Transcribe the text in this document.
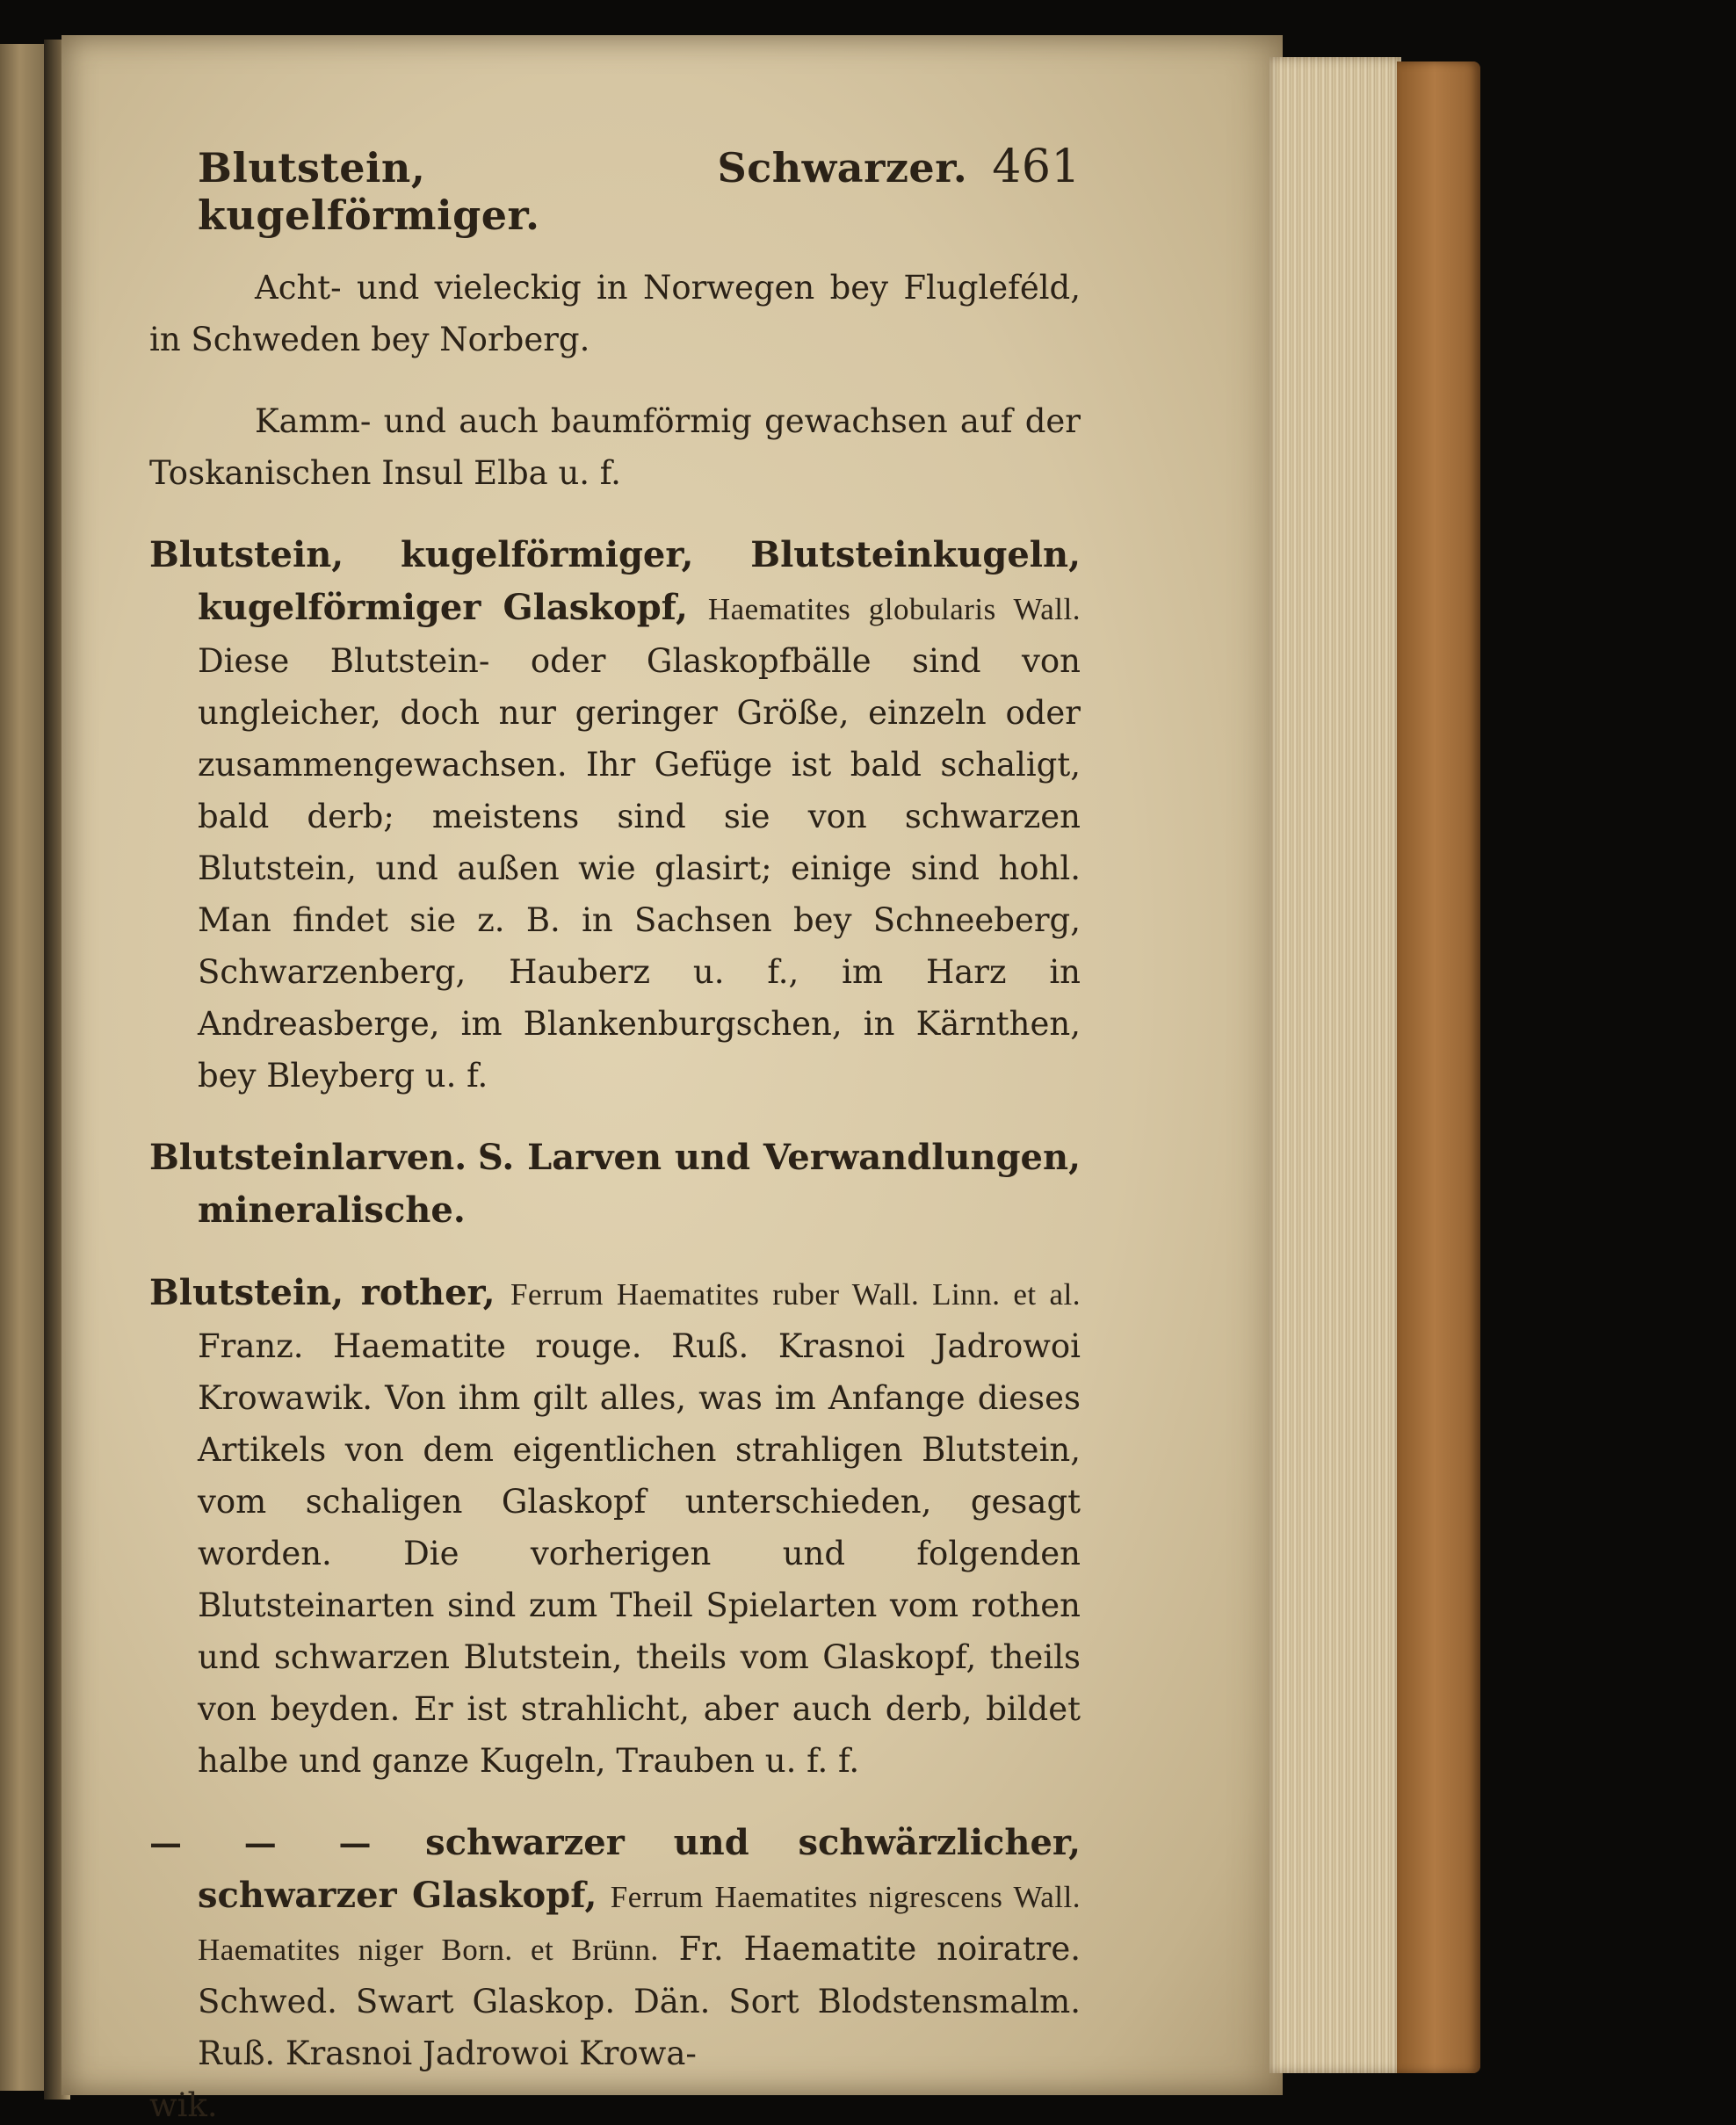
Blutstein, kugelförmiger.
Schwarzer. 461

Acht- und vieleckig in Norwegen bey Flugleféld, in Schweden bey Norberg.

Kamm- und auch baumförmig gewachsen auf der Toskanischen Insul Elba u. f.

Blutstein, kugelförmiger, Blutsteinkugeln, kugelförmiger Glaskopf, Haematites globularis Wall. Diese Blutstein- oder Glaskopfbälle sind von ungleicher, doch nur geringer Größe, einzeln oder zusammengewachsen. Ihr Gefüge ist bald schaligt, bald derb; meistens sind sie von schwarzen Blutstein, und außen wie glasirt; einige sind hohl. Man findet sie z. B. in Sachsen bey Schneeberg, Schwarzenberg, Hauberz u. f., im Harz in Andreasberge, im Blankenburgschen, in Kärnthen, bey Bleyberg u. f.

Blutsteinlarven. S. Larven und Verwandlungen, mineralische.

Blutstein, rother, Ferrum Haematites ruber Wall. Linn. et al. Franz. Haematite rouge. Ruß. Krasnoi Jadrowoi Krowawik. Von ihm gilt alles, was im Anfange dieses Artikels von dem eigentlichen strahligen Blutstein, vom schaligen Glaskopf unterschieden, gesagt worden. Die vorherigen und folgenden Blutsteinarten sind zum Theil Spielarten vom rothen und schwarzen Blutstein, theils vom Glaskopf, theils von beyden. Er ist strahlicht, aber auch derb, bildet halbe und ganze Kugeln, Trauben u. f. f.

— — — schwarzer und schwärzlicher, schwarzer Glaskopf, Ferrum Haematites nigrescens Wall. Haematites niger Born. et Brünn. Fr. Haematite noiratre. Schwed. Swart Glaskop. Dän. Sort Blodstensmalm. Ruß. Krasnoi Jadrowoi Krowa-
wik.
